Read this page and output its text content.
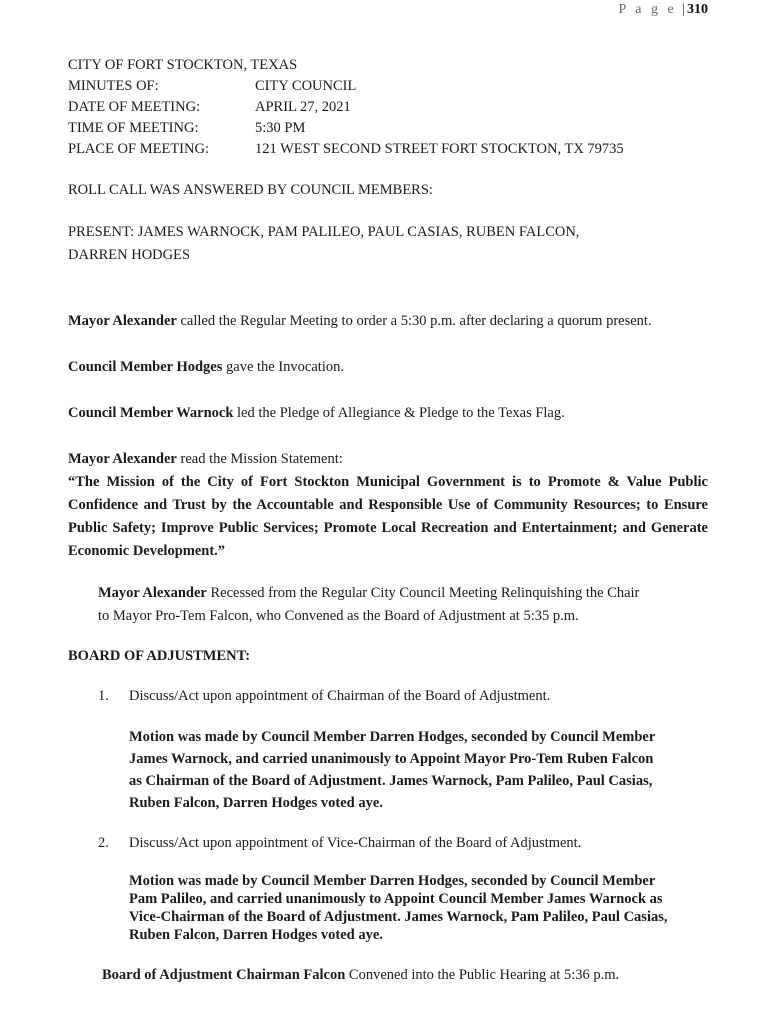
P a g e | 310
CITY OF FORT STOCKTON, TEXAS
MINUTES OF:	CITY COUNCIL
DATE OF MEETING:	APRIL 27, 2021
TIME OF MEETING:	5:30 PM
PLACE OF MEETING:	121 WEST SECOND STREET FORT STOCKTON, TX 79735

ROLL CALL WAS ANSWERED BY COUNCIL MEMBERS:

PRESENT: JAMES WARNOCK, PAM PALILEO, PAUL CASIAS, RUBEN FALCON,

DARREN HODGES

Mayor Alexander called the Regular Meeting to order a 5:30 p.m. after declaring a quorum present.

Council Member Hodges gave the Invocation.

Council Member Warnock led the Pledge of Allegiance & Pledge to the Texas Flag.

Mayor Alexander read the Mission Statement:

“The Mission of the City of Fort Stockton Municipal Government is to Promote & Value Public Confidence and Trust by the Accountable and Responsible Use of Community Resources; to Ensure Public Safety; Improve Public Services; Promote Local Recreation and Entertainment; and Generate Economic Development.”

Mayor Alexander Recessed from the Regular City Council Meeting Relinquishing the Chair

to Mayor Pro-Tem Falcon, who Convened as the Board of Adjustment at 5:35 p.m.

BOARD OF ADJUSTMENT:

1.	Discuss/Act upon appointment of Chairman of the Board of Adjustment.
Motion was made by Council Member Darren Hodges, seconded by Council Member
James Warnock, and carried unanimously to Appoint Mayor Pro-Tem Ruben Falcon
as Chairman of the Board of Adjustment. James Warnock, Pam Palileo, Paul Casias,
Ruben Falcon, Darren Hodges voted aye.
2.	Discuss/Act upon appointment of Vice-Chairman of the Board of Adjustment.
Motion was made by Council Member Darren Hodges, seconded by Council Member
Pam Palileo, and carried unanimously to Appoint Council Member James Warnock as
Vice-Chairman of the Board of Adjustment. James Warnock, Pam Palileo, Paul Casias,
Ruben Falcon, Darren Hodges voted aye.

Board of Adjustment Chairman Falcon Convened into the Public Hearing at 5:36 p.m.
